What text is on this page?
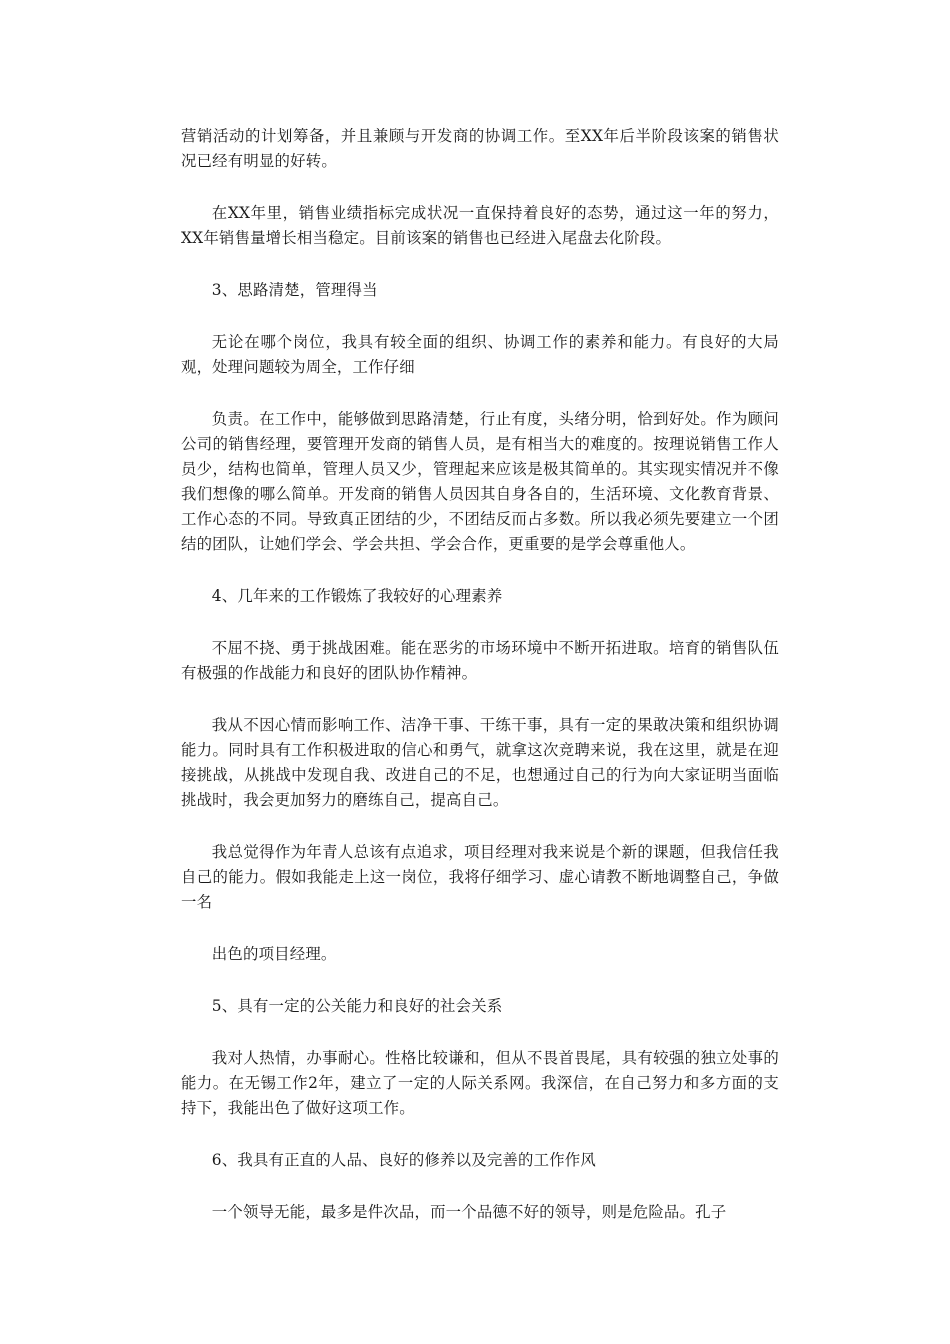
营销活动的计划筹备，并且兼顾与开发商的协调工作。至XX年后半阶段该案的销售状况已经有明显的好转。

在XX年里，销售业绩指标完成状况一直保持着良好的态势，通过这一年的努力，XX年销售量增长相当稳定。目前该案的销售也已经进入尾盘去化阶段。

3、思路清楚，管理得当

无论在哪个岗位，我具有较全面的组织、协调工作的素养和能力。有良好的大局观，处理问题较为周全，工作仔细

负责。在工作中，能够做到思路清楚，行止有度，头绪分明，恰到好处。作为顾问公司的销售经理，要管理开发商的销售人员，是有相当大的难度的。按理说销售工作人员少，结构也简单，管理人员又少，管理起来应该是极其简单的。其实现实情况并不像我们想像的哪么简单。开发商的销售人员因其自身各自的，生活环境、文化教育背景、工作心态的不同。导致真正团结的少，不团结反而占多数。所以我必须先要建立一个团结的团队，让她们学会、学会共担、学会合作，更重要的是学会尊重他人。

4、几年来的工作锻炼了我较好的心理素养

不屈不挠、勇于挑战困难。能在恶劣的市场环境中不断开拓进取。培育的销售队伍有极强的作战能力和良好的团队协作精神。

我从不因心情而影响工作、洁净干事、干练干事，具有一定的果敢决策和组织协调能力。同时具有工作积极进取的信心和勇气，就拿这次竞聘来说，我在这里，就是在迎接挑战，从挑战中发现自我、改进自己的不足，也想通过自己的行为向大家证明当面临挑战时，我会更加努力的磨练自己，提高自己。

我总觉得作为年青人总该有点追求，项目经理对我来说是个新的课题，但我信任我自己的能力。假如我能走上这一岗位，我将仔细学习、虚心请教不断地调整自己，争做一名

出色的项目经理。

5、具有一定的公关能力和良好的社会关系

我对人热情，办事耐心。性格比较谦和，但从不畏首畏尾，具有较强的独立处事的能力。在无锡工作2年，建立了一定的人际关系网。我深信，在自己努力和多方面的支持下，我能出色了做好这项工作。

6、我具有正直的人品、良好的修养以及完善的工作作风

一个领导无能，最多是件次品，而一个品德不好的领导，则是危险品。孔子
